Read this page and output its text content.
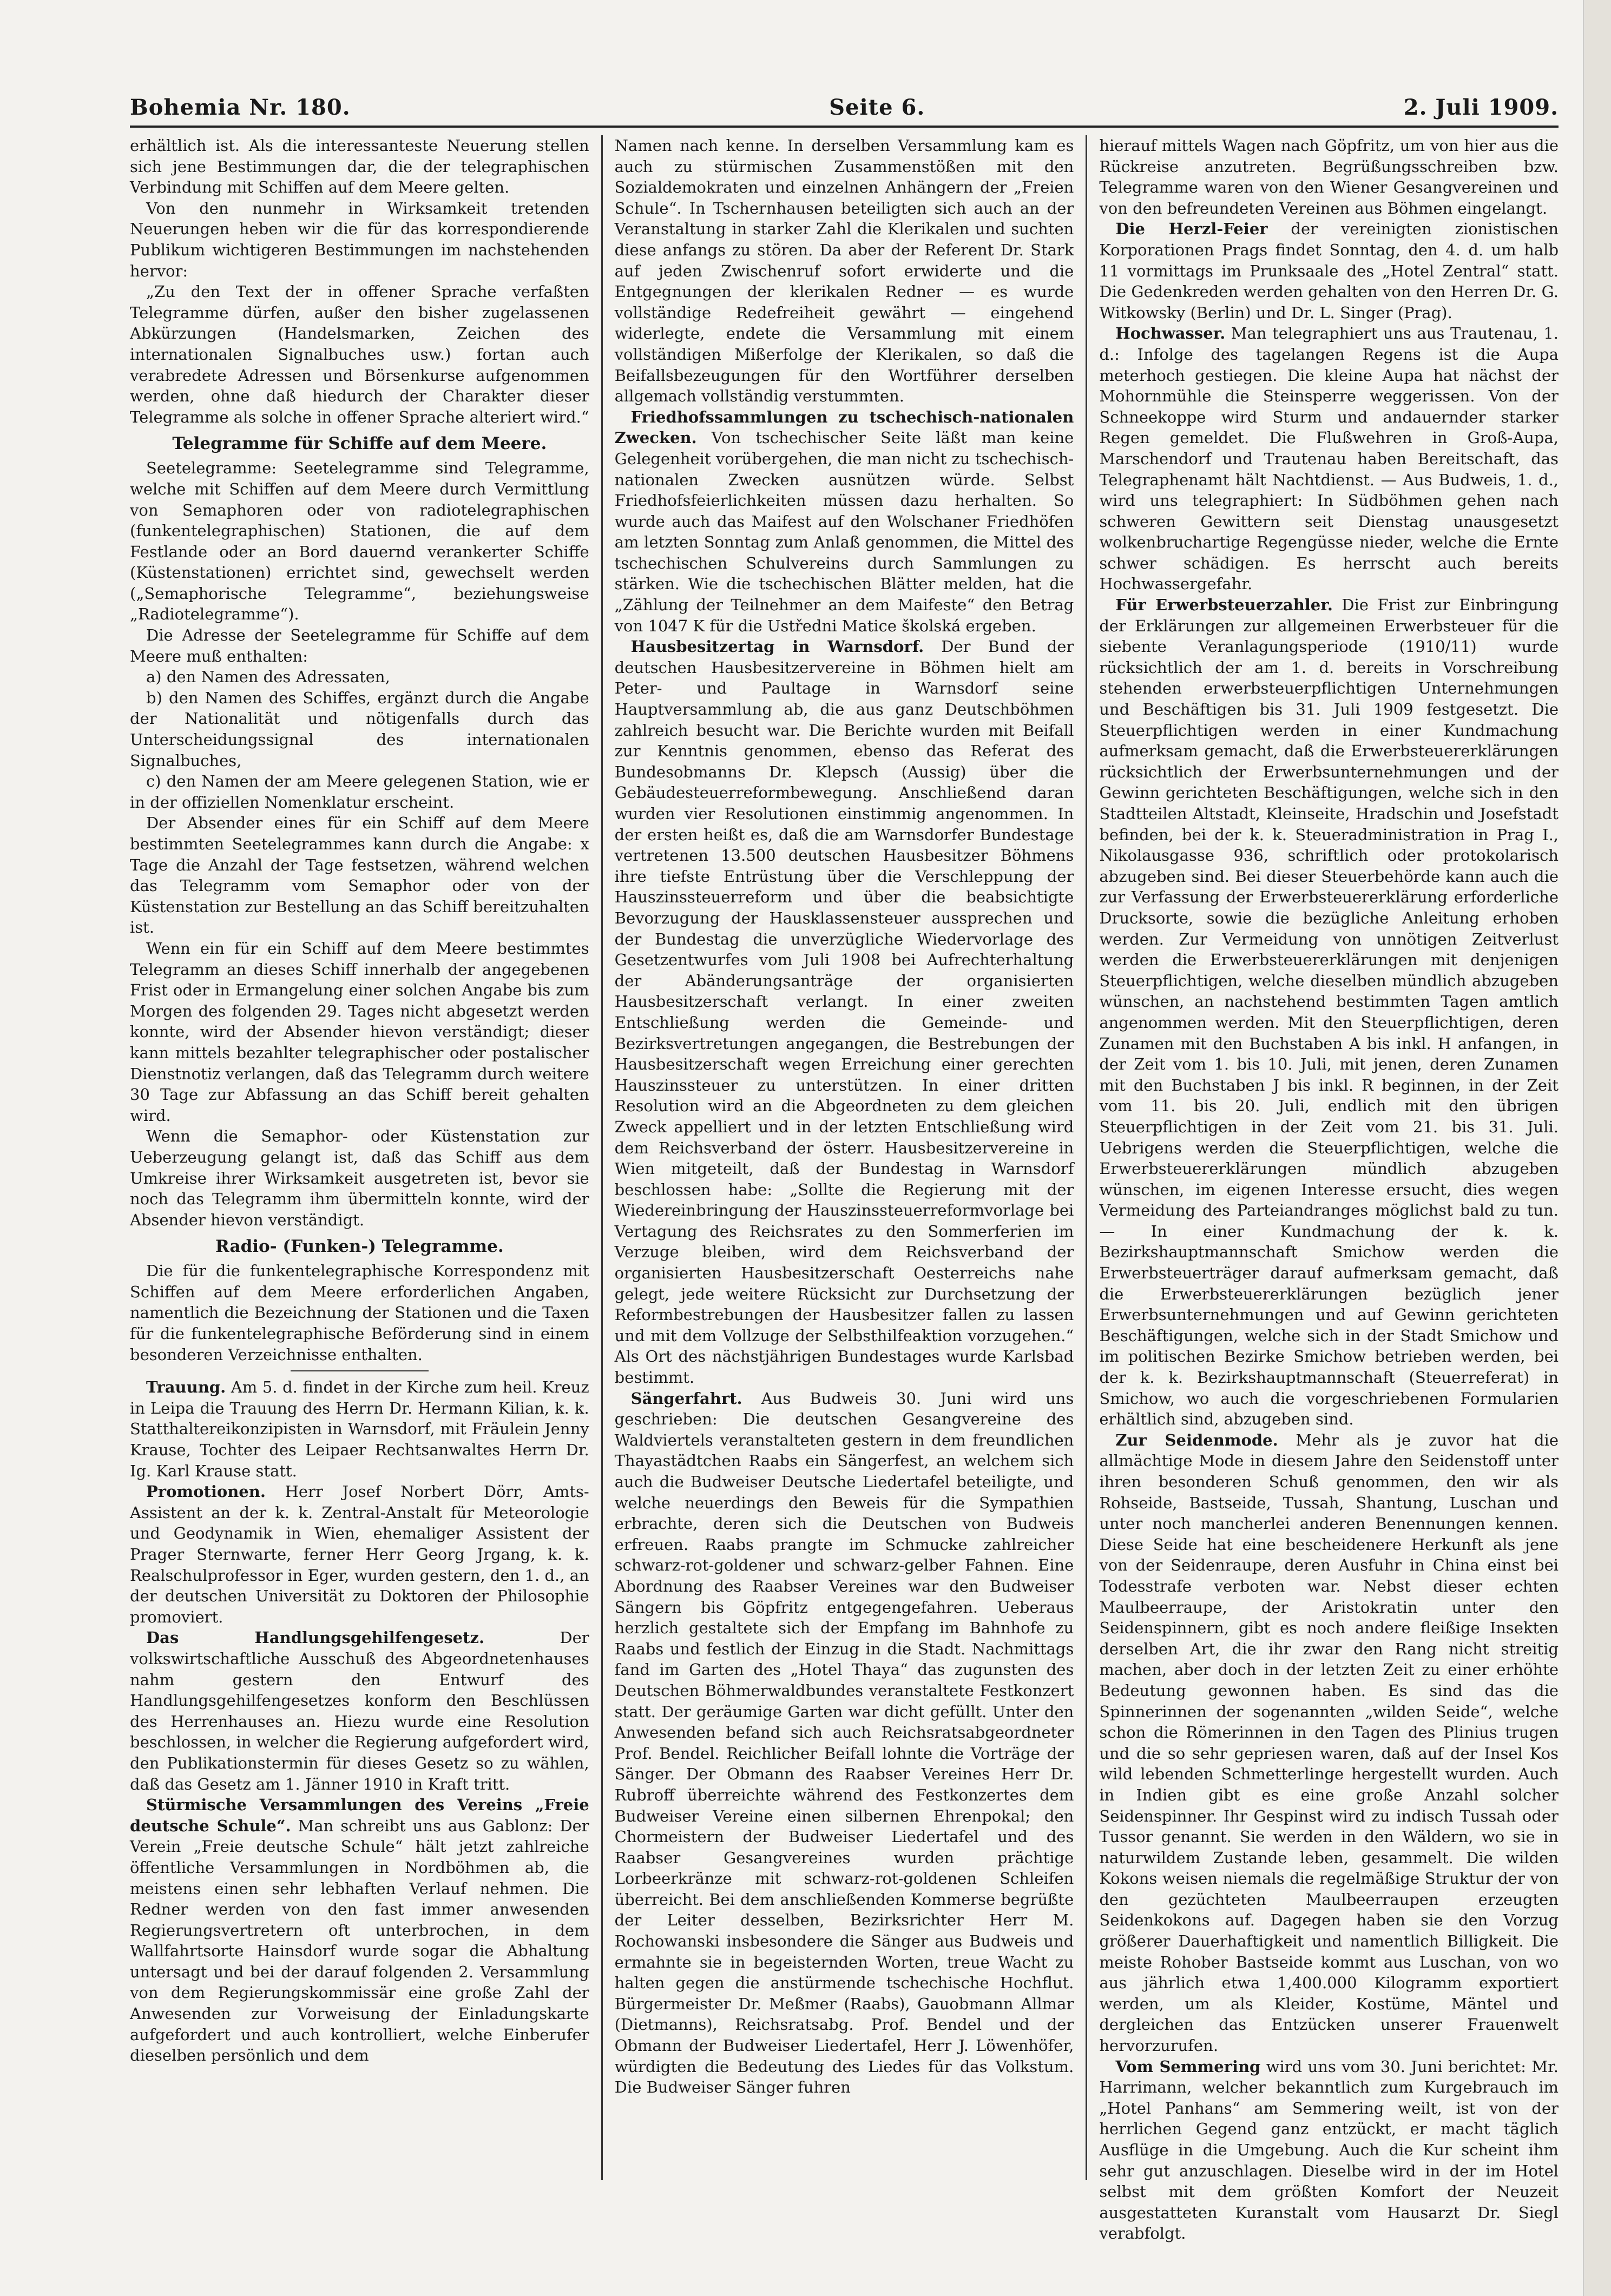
Bohemia Nr. 180.	Seite 6.	2. Juli 1909.

erhältlich ist. Als die interessanteste Neuerung stellen sich jene Bestimmungen dar, die der telegraphischen Verbindung mit Schiffen auf dem Meere gelten.

Von den nunmehr in Wirksamkeit tretenden Neuerungen heben wir die für das korrespondierende Publikum wichtigeren Bestimmungen im nachstehenden hervor:

„Zu den Text der in offener Sprache verfaßten Telegramme dürfen, außer den bisher zugelassenen Abkürzungen (Handelsmarken, Zeichen des internationalen Signalbuches usw.) fortan auch verabredete Adressen und Börsenkurse aufgenommen werden, ohne daß hiedurch der Charakter dieser Telegramme als solche in offener Sprache alteriert wird.“

Telegramme für Schiffe auf dem Meere.

Seetelegramme: Seetelegramme sind Telegramme, welche mit Schiffen auf dem Meere durch Vermittlung von Semaphoren oder von radiotelegraphischen (funkentelegraphischen) Stationen, die auf dem Festlande oder an Bord dauernd verankerter Schiffe (Küstenstationen) errichtet sind, gewechselt werden („Semaphorische Telegramme“, beziehungsweise „Radiotelegramme“).

Die Adresse der Seetelegramme für Schiffe auf dem Meere muß enthalten:

a) den Namen des Adressaten,

b) den Namen des Schiffes, ergänzt durch die Angabe der Nationalität und nötigenfalls durch das Unterscheidungssignal des internationalen Signalbuches,

c) den Namen der am Meere gelegenen Station, wie er in der offiziellen Nomenklatur erscheint.

Der Absender eines für ein Schiff auf dem Meere bestimmten Seetelegrammes kann durch die Angabe: x Tage die Anzahl der Tage festsetzen, während welchen das Telegramm vom Semaphor oder von der Küstenstation zur Bestellung an das Schiff bereitzuhalten ist.

Wenn ein für ein Schiff auf dem Meere bestimmtes Telegramm an dieses Schiff innerhalb der angegebenen Frist oder in Ermangelung einer solchen Angabe bis zum Morgen des folgenden 29. Tages nicht abgesetzt werden konnte, wird der Absender hievon verständigt; dieser kann mittels bezahlter telegraphischer oder postalischer Dienstnotiz verlangen, daß das Telegramm durch weitere 30 Tage zur Abfassung an das Schiff bereit gehalten wird.

Wenn die Semaphor- oder Küstenstation zur Ueberzeugung gelangt ist, daß das Schiff aus dem Umkreise ihrer Wirksamkeit ausgetreten ist, bevor sie noch das Telegramm ihm übermitteln konnte, wird der Absender hievon verständigt.

Radio- (Funken-) Telegramme.

Die für die funkentelegraphische Korrespondenz mit Schiffen auf dem Meere erforderlichen Angaben, namentlich die Bezeichnung der Stationen und die Taxen für die funkentelegraphische Beförderung sind in einem besonderen Verzeichnisse enthalten.

Trauung. Am 5. d. findet in der Kirche zum heil. Kreuz in Leipa die Trauung des Herrn Dr. Hermann Kilian, k. k. Statthaltereikonzipisten in Warnsdorf, mit Fräulein Jenny Krause, Tochter des Leipaer Rechtsanwaltes Herrn Dr. Ig. Karl Krause statt.

Promotionen. Herr Josef Norbert Dörr, Amts-Assistent an der k. k. Zentral-Anstalt für Meteorologie und Geodynamik in Wien, ehemaliger Assistent der Prager Sternwarte, ferner Herr Georg Jrgang, k. k. Realschulprofessor in Eger, wurden gestern, den 1. d., an der deutschen Universität zu Doktoren der Philosophie promoviert.

Das Handlungsgehilfengesetz. Der volkswirtschaftliche Ausschuß des Abgeordnetenhauses nahm gestern den Entwurf des Handlungsgehilfengesetzes konform den Beschlüssen des Herrenhauses an. Hiezu wurde eine Resolution beschlossen, in welcher die Regierung aufgefordert wird, den Publikationstermin für dieses Gesetz so zu wählen, daß das Gesetz am 1. Jänner 1910 in Kraft tritt.

Stürmische Versammlungen des Vereins „Freie deutsche Schule“. Man schreibt uns aus Gablonz: Der Verein „Freie deutsche Schule“ hält jetzt zahlreiche öffentliche Versammlungen in Nordböhmen ab, die meistens einen sehr lebhaften Verlauf nehmen. Die Redner werden von den fast immer anwesenden Regierungsvertretern oft unterbrochen, in dem Wallfahrtsorte Hainsdorf wurde sogar die Abhaltung untersagt und bei der darauf folgenden 2. Versammlung von dem Regierungskommissär eine große Zahl der Anwesenden zur Vorweisung der Einladungskarte aufgefordert und auch kontrolliert, welche Einberufer dieselben persönlich und dem

Namen nach kenne. In derselben Versammlung kam es auch zu stürmischen Zusammenstößen mit den Sozialdemokraten und einzelnen Anhängern der „Freien Schule“. In Tschernhausen beteiligten sich auch an der Veranstaltung in starker Zahl die Klerikalen und suchten diese anfangs zu stören. Da aber der Referent Dr. Stark auf jeden Zwischenruf sofort erwiderte und die Entgegnungen der klerikalen Redner — es wurde vollständige Redefreiheit gewährt — eingehend widerlegte, endete die Versammlung mit einem vollständigen Mißerfolge der Klerikalen, so daß die Beifallsbezeugungen für den Wortführer derselben allgemach vollständig verstummten.

Friedhofssammlungen zu tschechisch-nationalen Zwecken. Von tschechischer Seite läßt man keine Gelegenheit vorübergehen, die man nicht zu tschechisch-nationalen Zwecken ausnützen würde. Selbst Friedhofsfeierlichkeiten müssen dazu herhalten. So wurde auch das Maifest auf den Wolschaner Friedhöfen am letzten Sonntag zum Anlaß genommen, die Mittel des tschechischen Schulvereins durch Sammlungen zu stärken. Wie die tschechischen Blätter melden, hat die „Zählung der Teilnehmer an dem Maifeste“ den Betrag von 1047 K für die Ustředni Matice školská ergeben.

Hausbesitzertag in Warnsdorf. Der Bund der deutschen Hausbesitzervereine in Böhmen hielt am Peter- und Paultage in Warnsdorf seine Hauptversammlung ab, die aus ganz Deutschböhmen zahlreich besucht war. Die Berichte wurden mit Beifall zur Kenntnis genommen, ebenso das Referat des Bundesobmanns Dr. Klepsch (Aussig) über die Gebäudesteuerreformbewegung. Anschließend daran wurden vier Resolutionen einstimmig angenommen. In der ersten heißt es, daß die am Warnsdorfer Bundestage vertretenen 13.500 deutschen Hausbesitzer Böhmens ihre tiefste Entrüstung über die Verschleppung der Hauszinssteuerreform und über die beabsichtigte Bevorzugung der Hausklassensteuer aussprechen und der Bundestag die unverzügliche Wiedervorlage des Gesetzentwurfes vom Juli 1908 bei Aufrechterhaltung der Abänderungsanträge der organisierten Hausbesitzerschaft verlangt. In einer zweiten Entschließung werden die Gemeinde- und Bezirksvertretungen angegangen, die Bestrebungen der Hausbesitzerschaft wegen Erreichung einer gerechten Hauszinssteuer zu unterstützen. In einer dritten Resolution wird an die Abgeordneten zu dem gleichen Zweck appelliert und in der letzten Entschließung wird dem Reichsverband der österr. Hausbesitzervereine in Wien mitgeteilt, daß der Bundestag in Warnsdorf beschlossen habe: „Sollte die Regierung mit der Wiedereinbringung der Hauszinssteuerreformvorlage bei Vertagung des Reichsrates zu den Sommerferien im Verzuge bleiben, wird dem Reichsverband der organisierten Hausbesitzerschaft Oesterreichs nahe gelegt, jede weitere Rücksicht zur Durchsetzung der Reformbestrebungen der Hausbesitzer fallen zu lassen und mit dem Vollzuge der Selbsthilfeaktion vorzugehen.“ Als Ort des nächstjährigen Bundestages wurde Karlsbad bestimmt.

Sängerfahrt. Aus Budweis 30. Juni wird uns geschrieben: Die deutschen Gesangvereine des Waldviertels veranstalteten gestern in dem freundlichen Thayastädtchen Raabs ein Sängerfest, an welchem sich auch die Budweiser Deutsche Liedertafel beteiligte, und welche neuerdings den Beweis für die Sympathien erbrachte, deren sich die Deutschen von Budweis erfreuen. Raabs prangte im Schmucke zahlreicher schwarz-rot-goldener und schwarz-gelber Fahnen. Eine Abordnung des Raabser Vereines war den Budweiser Sängern bis Göpfritz entgegengefahren. Ueberaus herzlich gestaltete sich der Empfang im Bahnhofe zu Raabs und festlich der Einzug in die Stadt. Nachmittags fand im Garten des „Hotel Thaya“ das zugunsten des Deutschen Böhmerwaldbundes veranstaltete Festkonzert statt. Der geräumige Garten war dicht gefüllt. Unter den Anwesenden befand sich auch Reichsratsabgeordneter Prof. Bendel. Reichlicher Beifall lohnte die Vorträge der Sänger. Der Obmann des Raabser Vereines Herr Dr. Rubroff überreichte während des Festkonzertes dem Budweiser Vereine einen silbernen Ehrenpokal; den Chormeistern der Budweiser Liedertafel und des Raabser Gesangvereines wurden prächtige Lorbeerkränze mit schwarz-rot-goldenen Schleifen überreicht. Bei dem anschließenden Kommerse begrüßte der Leiter desselben, Bezirksrichter Herr M. Rochowanski insbesondere die Sänger aus Budweis und ermahnte sie in begeisternden Worten, treue Wacht zu halten gegen die anstürmende tschechische Hochflut. Bürgermeister Dr. Meßmer (Raabs), Gauobmann Allmar (Dietmanns), Reichsratsabg. Prof. Bendel und der Obmann der Budweiser Liedertafel, Herr J. Löwenhöfer, würdigten die Bedeutung des Liedes für das Volkstum. Die Budweiser Sänger fuhren

hierauf mittels Wagen nach Göpfritz, um von hier aus die Rückreise anzutreten. Begrüßungsschreiben bzw. Telegramme waren von den Wiener Gesangvereinen und von den befreundeten Vereinen aus Böhmen eingelangt.

Die Herzl-Feier der vereinigten zionistischen Korporationen Prags findet Sonntag, den 4. d. um halb 11 vormittags im Prunksaale des „Hotel Zentral“ statt. Die Gedenkreden werden gehalten von den Herren Dr. G. Witkowsky (Berlin) und Dr. L. Singer (Prag).

Hochwasser. Man telegraphiert uns aus Trautenau, 1. d.: Infolge des tagelangen Regens ist die Aupa meterhoch gestiegen. Die kleine Aupa hat nächst der Mohornmühle die Steinsperre weggerissen. Von der Schneekoppe wird Sturm und andauernder starker Regen gemeldet. Die Flußwehren in Groß-Aupa, Marschendorf und Trautenau haben Bereitschaft, das Telegraphenamt hält Nachtdienst. — Aus Budweis, 1. d., wird uns telegraphiert: In Südböhmen gehen nach schweren Gewittern seit Dienstag unausgesetzt wolkenbruchartige Regengüsse nieder, welche die Ernte schwer schädigen. Es herrscht auch bereits Hochwassergefahr.

Für Erwerbsteuerzahler. Die Frist zur Einbringung der Erklärungen zur allgemeinen Erwerbsteuer für die siebente Veranlagungsperiode (1910/11) wurde rücksichtlich der am 1. d. bereits in Vorschreibung stehenden erwerbsteuerpflichtigen Unternehmungen und Beschäftigen bis 31. Juli 1909 festgesetzt. Die Steuerpflichtigen werden in einer Kundmachung aufmerksam gemacht, daß die Erwerbsteuererklärungen rücksichtlich der Erwerbsunternehmungen und der Gewinn gerichteten Beschäftigungen, welche sich in den Stadtteilen Altstadt, Kleinseite, Hradschin und Josefstadt befinden, bei der k. k. Steueradministration in Prag I., Nikolausgasse 936, schriftlich oder protokolarisch abzugeben sind. Bei dieser Steuerbehörde kann auch die zur Verfassung der Erwerbsteuererklärung erforderliche Drucksorte, sowie die bezügliche Anleitung erhoben werden. Zur Vermeidung von unnötigen Zeitverlust werden die Erwerbsteuererklärungen mit denjenigen Steuerpflichtigen, welche dieselben mündlich abzugeben wünschen, an nachstehend bestimmten Tagen amtlich angenommen werden. Mit den Steuerpflichtigen, deren Zunamen mit den Buchstaben A bis inkl. H anfangen, in der Zeit vom 1. bis 10. Juli, mit jenen, deren Zunamen mit den Buchstaben J bis inkl. R beginnen, in der Zeit vom 11. bis 20. Juli, endlich mit den übrigen Steuerpflichtigen in der Zeit vom 21. bis 31. Juli. Uebrigens werden die Steuerpflichtigen, welche die Erwerbsteuererklärungen mündlich abzugeben wünschen, im eigenen Interesse ersucht, dies wegen Vermeidung des Parteiandranges möglichst bald zu tun. — In einer Kundmachung der k. k. Bezirkshauptmannschaft Smichow werden die Erwerbsteuerträger darauf aufmerksam gemacht, daß die Erwerbsteuererklärungen bezüglich jener Erwerbsunternehmungen und auf Gewinn gerichteten Beschäftigungen, welche sich in der Stadt Smichow und im politischen Bezirke Smichow betrieben werden, bei der k. k. Bezirkshauptmannschaft (Steuerreferat) in Smichow, wo auch die vorgeschriebenen Formularien erhältlich sind, abzugeben sind.

Zur Seidenmode. Mehr als je zuvor hat die allmächtige Mode in diesem Jahre den Seidenstoff unter ihren besonderen Schuß genommen, den wir als Rohseide, Bastseide, Tussah, Shantung, Luschan und unter noch mancherlei anderen Benennungen kennen. Diese Seide hat eine bescheidenere Herkunft als jene von der Seidenraupe, deren Ausfuhr in China einst bei Todesstrafe verboten war. Nebst dieser echten Maulbeerraupe, der Aristokratin unter den Seidenspinnern, gibt es noch andere fleißige Insekten derselben Art, die ihr zwar den Rang nicht streitig machen, aber doch in der letzten Zeit zu einer erhöhte Bedeutung gewonnen haben. Es sind das die Spinnerinnen der sogenannten „wilden Seide“, welche schon die Römerinnen in den Tagen des Plinius trugen und die so sehr gepriesen waren, daß auf der Insel Kos wild lebenden Schmetterlinge hergestellt wurden. Auch in Indien gibt es eine große Anzahl solcher Seidenspinner. Ihr Gespinst wird zu indisch Tussah oder Tussor genannt. Sie werden in den Wäldern, wo sie in naturwildem Zustande leben, gesammelt. Die wilden Kokons weisen niemals die regelmäßige Struktur der von den gezüchteten Maulbeerraupen erzeugten Seidenkokons auf. Dagegen haben sie den Vorzug größerer Dauerhaftigkeit und namentlich Billigkeit. Die meiste Rohober Bastseide kommt aus Luschan, von wo aus jährlich etwa 1,400.000 Kilogramm exportiert werden, um als Kleider, Kostüme, Mäntel und dergleichen das Entzücken unserer Frauenwelt hervorzurufen.

Vom Semmering wird uns vom 30. Juni berichtet: Mr. Harrimann, welcher bekanntlich zum Kurgebrauch im „Hotel Panhans“ am Semmering weilt, ist von der herrlichen Gegend ganz entzückt, er macht täglich Ausflüge in die Umgebung. Auch die Kur scheint ihm sehr gut anzuschlagen. Dieselbe wird in der im Hotel selbst mit dem größten Komfort der Neuzeit ausgestatteten Kuranstalt vom Hausarzt Dr. Siegl verabfolgt.
